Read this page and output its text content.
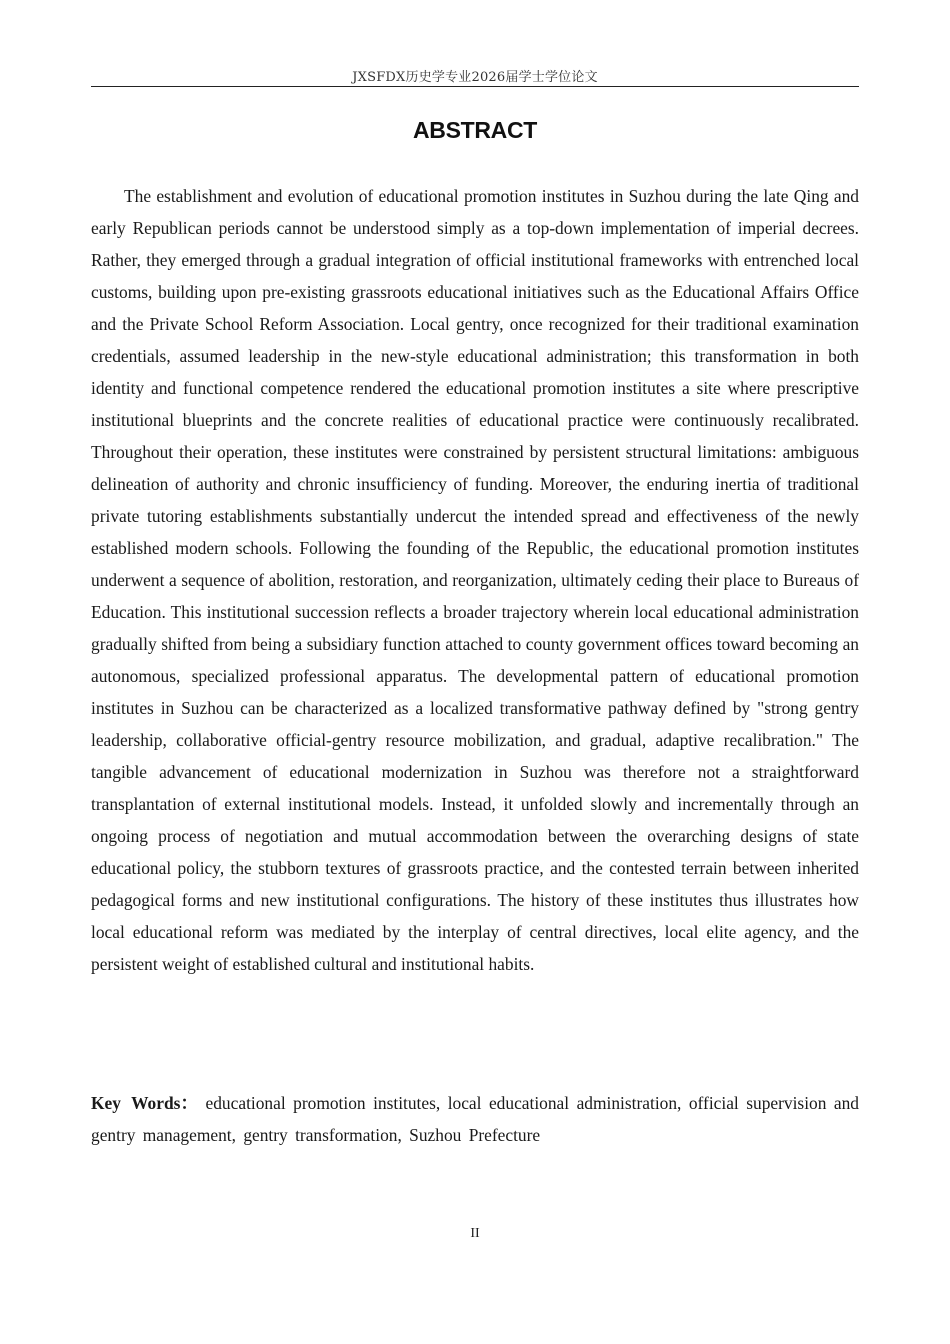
JXSFDX历史学专业2026届学士学位论文
ABSTRACT

The establishment and evolution of educational promotion institutes in Suzhou during the late Qing and early Republican periods cannot be understood simply as a top-down implementation of imperial decrees. Rather, they emerged through a gradual integration of official institutional frameworks with entrenched local customs, building upon pre-existing grassroots educational initiatives such as the Educational Affairs Office and the Private School Reform Association. Local gentry, once recognized for their traditional examination credentials, assumed leadership in the new-style educational administration; this transformation in both identity and functional competence rendered the educational promotion institutes a site where prescriptive institutional blueprints and the concrete realities of educational practice were continuously recalibrated. Throughout their operation, these institutes were constrained by persistent structural limitations: ambiguous delineation of authority and chronic insufficiency of funding. Moreover, the enduring inertia of traditional private tutoring establishments substantially undercut the intended spread and effectiveness of the newly established modern schools. Following the founding of the Republic, the educational promotion institutes underwent a sequence of abolition, restoration, and reorganization, ultimately ceding their place to Bureaus of Education. This institutional succession reflects a broader trajectory wherein local educational administration gradually shifted from being a subsidiary function attached to county government offices toward becoming an autonomous, specialized professional apparatus. The developmental pattern of educational promotion institutes in Suzhou can be characterized as a localized transformative pathway defined by "strong gentry leadership, collaborative official-gentry resource mobilization, and gradual, adaptive recalibration." The tangible advancement of educational modernization in Suzhou was therefore not a straightforward transplantation of external institutional models. Instead, it unfolded slowly and incrementally through an ongoing process of negotiation and mutual accommodation between the overarching designs of state educational policy, the stubborn textures of grassroots practice, and the contested terrain between inherited pedagogical forms and new institutional configurations. The history of these institutes thus illustrates how local educational reform was mediated by the interplay of central directives, local elite agency, and the persistent weight of established cultural and institutional habits.

Key Words： educational promotion institutes, local educational administration, official supervision and gentry management, gentry transformation, Suzhou Prefecture

II
